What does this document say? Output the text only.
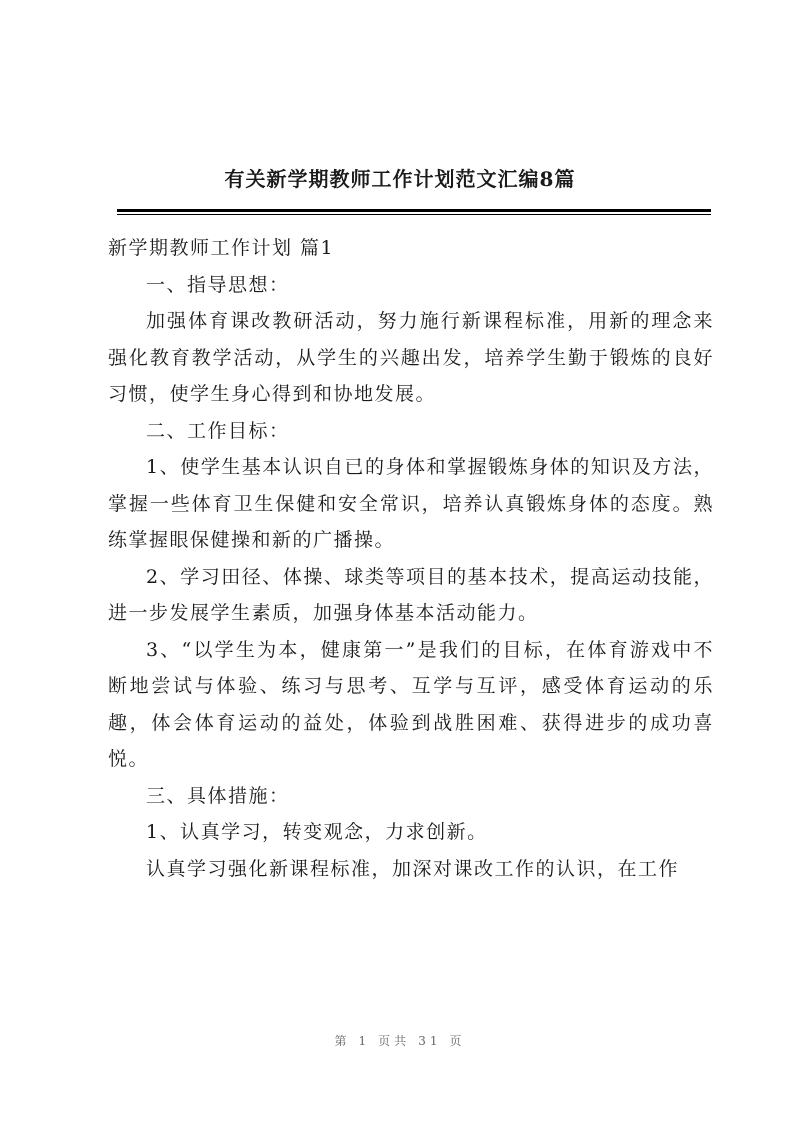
有关新学期教师工作计划范文汇编8篇

新学期教师工作计划 篇1

一、指导思想：

加强体育课改教研活动，努力施行新课程标准，用新的理念来强化教育教学活动，从学生的兴趣出发，培养学生勤于锻炼的良好习惯，使学生身心得到和协地发展。

二、工作目标：

1、使学生基本认识自已的身体和掌握锻炼身体的知识及方法，掌握一些体育卫生保健和安全常识，培养认真锻炼身体的态度。熟练掌握眼保健操和新的广播操。

2、学习田径、体操、球类等项目的基本技术，提高运动技能，进一步发展学生素质，加强身体基本活动能力。

3、“以学生为本，健康第一”是我们的目标，在体育游戏中不断地尝试与体验、练习与思考、互学与互评，感受体育运动的乐趣，体会体育运动的益处，体验到战胜困难、获得进步的成功喜悦。

三、具体措施：

1、认真学习，转变观念，力求创新。

认真学习强化新课程标准，加深对课改工作的认识，在工作

第 1 页共 31 页
